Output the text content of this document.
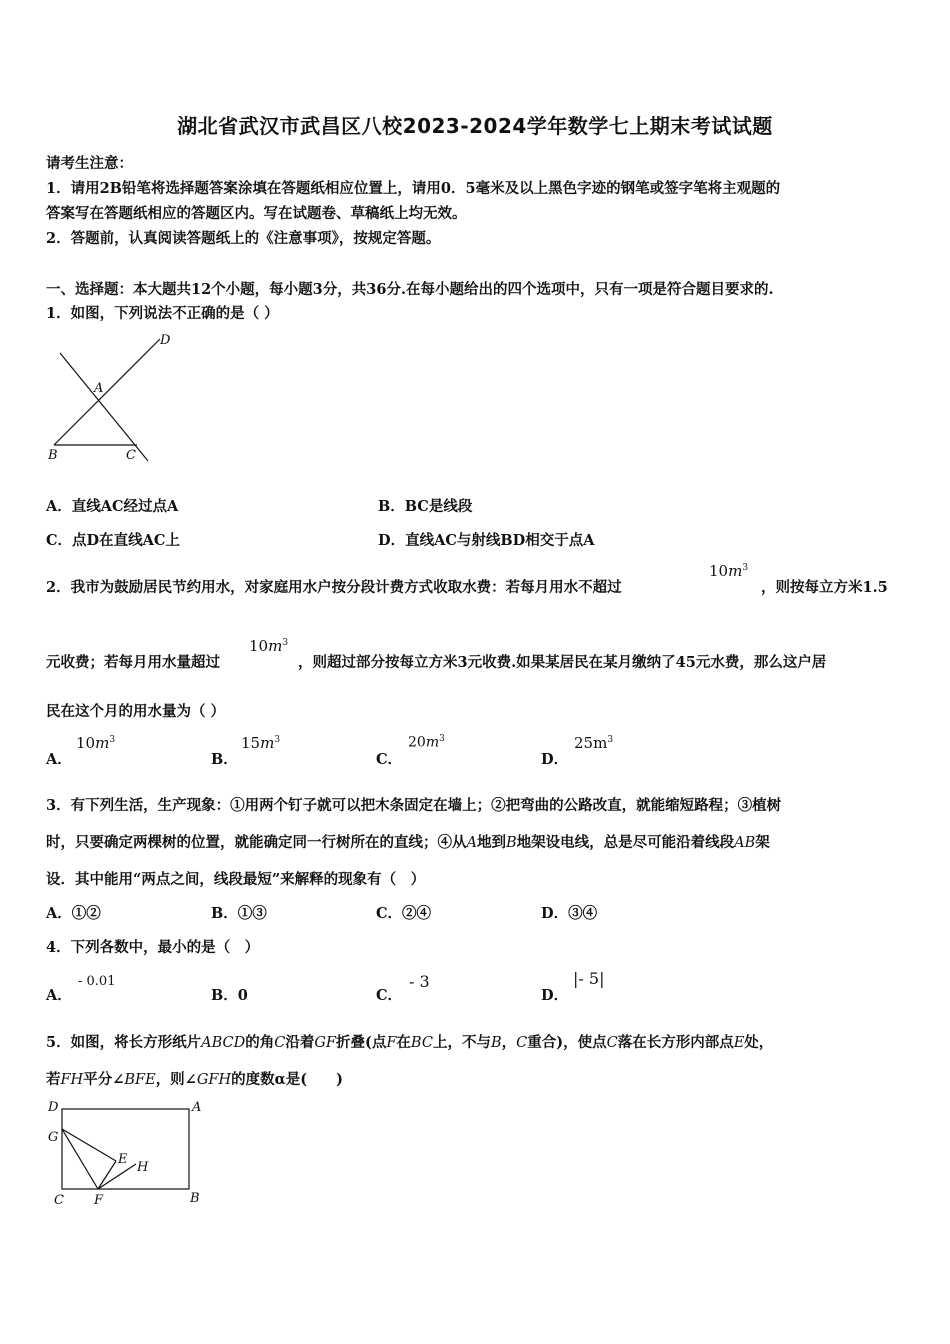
湖北省武汉市武昌区八校2023-2024学年数学七上期末考试试题
请考生注意：
1．请用2B铅笔将选择题答案涂填在答题纸相应位置上，请用0．5毫米及以上黑色字迹的钢笔或签字笔将主观题的
答案写在答题纸相应的答题区内。写在试题卷、草稿纸上均无效。
2．答题前，认真阅读答题纸上的《注意事项》，按规定答题。
一、选择题：本大题共12个小题，每小题3分，共36分.在每小题给出的四个选项中，只有一项是符合题目要求的.
1．如图，下列说法不正确的是（ ）
D
A
B	C
A．直线AC经过点A	B．BC是线段
C．点D在直线AC上	D．直线AC与射线BD相交于点A
2．我市为鼓励居民节约用水，对家庭用水户按分段计费方式收取水费：若每月用水不超过
$10m^3$
，则按每立方米1.5
元收费；若每月用水量超过
$10m^3$
，则超过部分按每立方米3元收费.如果某居民在某月缴纳了45元水费，那么这户居
民在这个月的用水量为（ ）
A．
$10m^3$
B．
$15m^3$
C．
$20m^3$
D．
$25m^3$
3．有下列生活，生产现象：①用两个钉子就可以把木条固定在墙上；②把弯曲的公路改直，就能缩短路程；③植树
时，只要确定两棵树的位置，就能确定同一行树所在的直线；④从A地到B地架设电线，总是尽可能沿着线段AB架
设．其中能用“两点之间，线段最短”来解释的现象有（　）
A．①②	B．①③	C．②④	D．③④
4．下列各数中，最小的是（　）
A．
- 0.01
B．0	C．
- 3
D．
|- 5|
5．如图，将长方形纸片ABCD的角C沿着GF折叠(点F在BC上，不与B，C重合)，使点C落在长方形内部点E处，
若FH平分∠BFE，则∠GFH的度数α是(　　)
D	A
G
E
H
C F	B
